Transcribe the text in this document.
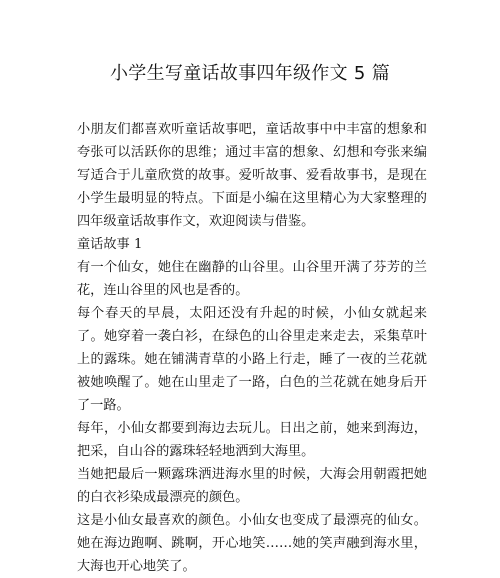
小学生写童话故事四年级作文 5 篇

小朋友们都喜欢听童话故事吧，童话故事中中丰富的想象和夸张可以活跃你的思维；通过丰富的想象、幻想和夸张来编写适合于儿童欣赏的故事。爱听故事、爱看故事书，是现在小学生最明显的特点。下面是小编在这里精心为大家整理的四年级童话故事作文，欢迎阅读与借鉴。

童话故事 1

有一个仙女，她住在幽静的山谷里。山谷里开满了芬芳的兰花，连山谷里的风也是香的。

每个春天的早晨，太阳还没有升起的时候，小仙女就起来了。她穿着一袭白衫，在绿色的山谷里走来走去，采集草叶上的露珠。她在铺满青草的小路上行走，睡了一夜的兰花就被她唤醒了。她在山里走了一路，白色的兰花就在她身后开了一路。

每年，小仙女都要到海边去玩儿。日出之前，她来到海边，把采，自山谷的露珠轻轻地洒到大海里。

当她把最后一颗露珠洒进海水里的时候，大海会用朝霞把她的白衣衫染成最漂亮的颜色。

这是小仙女最喜欢的颜色。小仙女也变成了最漂亮的仙女。她在海边跑啊、跳啊，开心地笑……她的笑声融到海水里，大海也开心地笑了。
